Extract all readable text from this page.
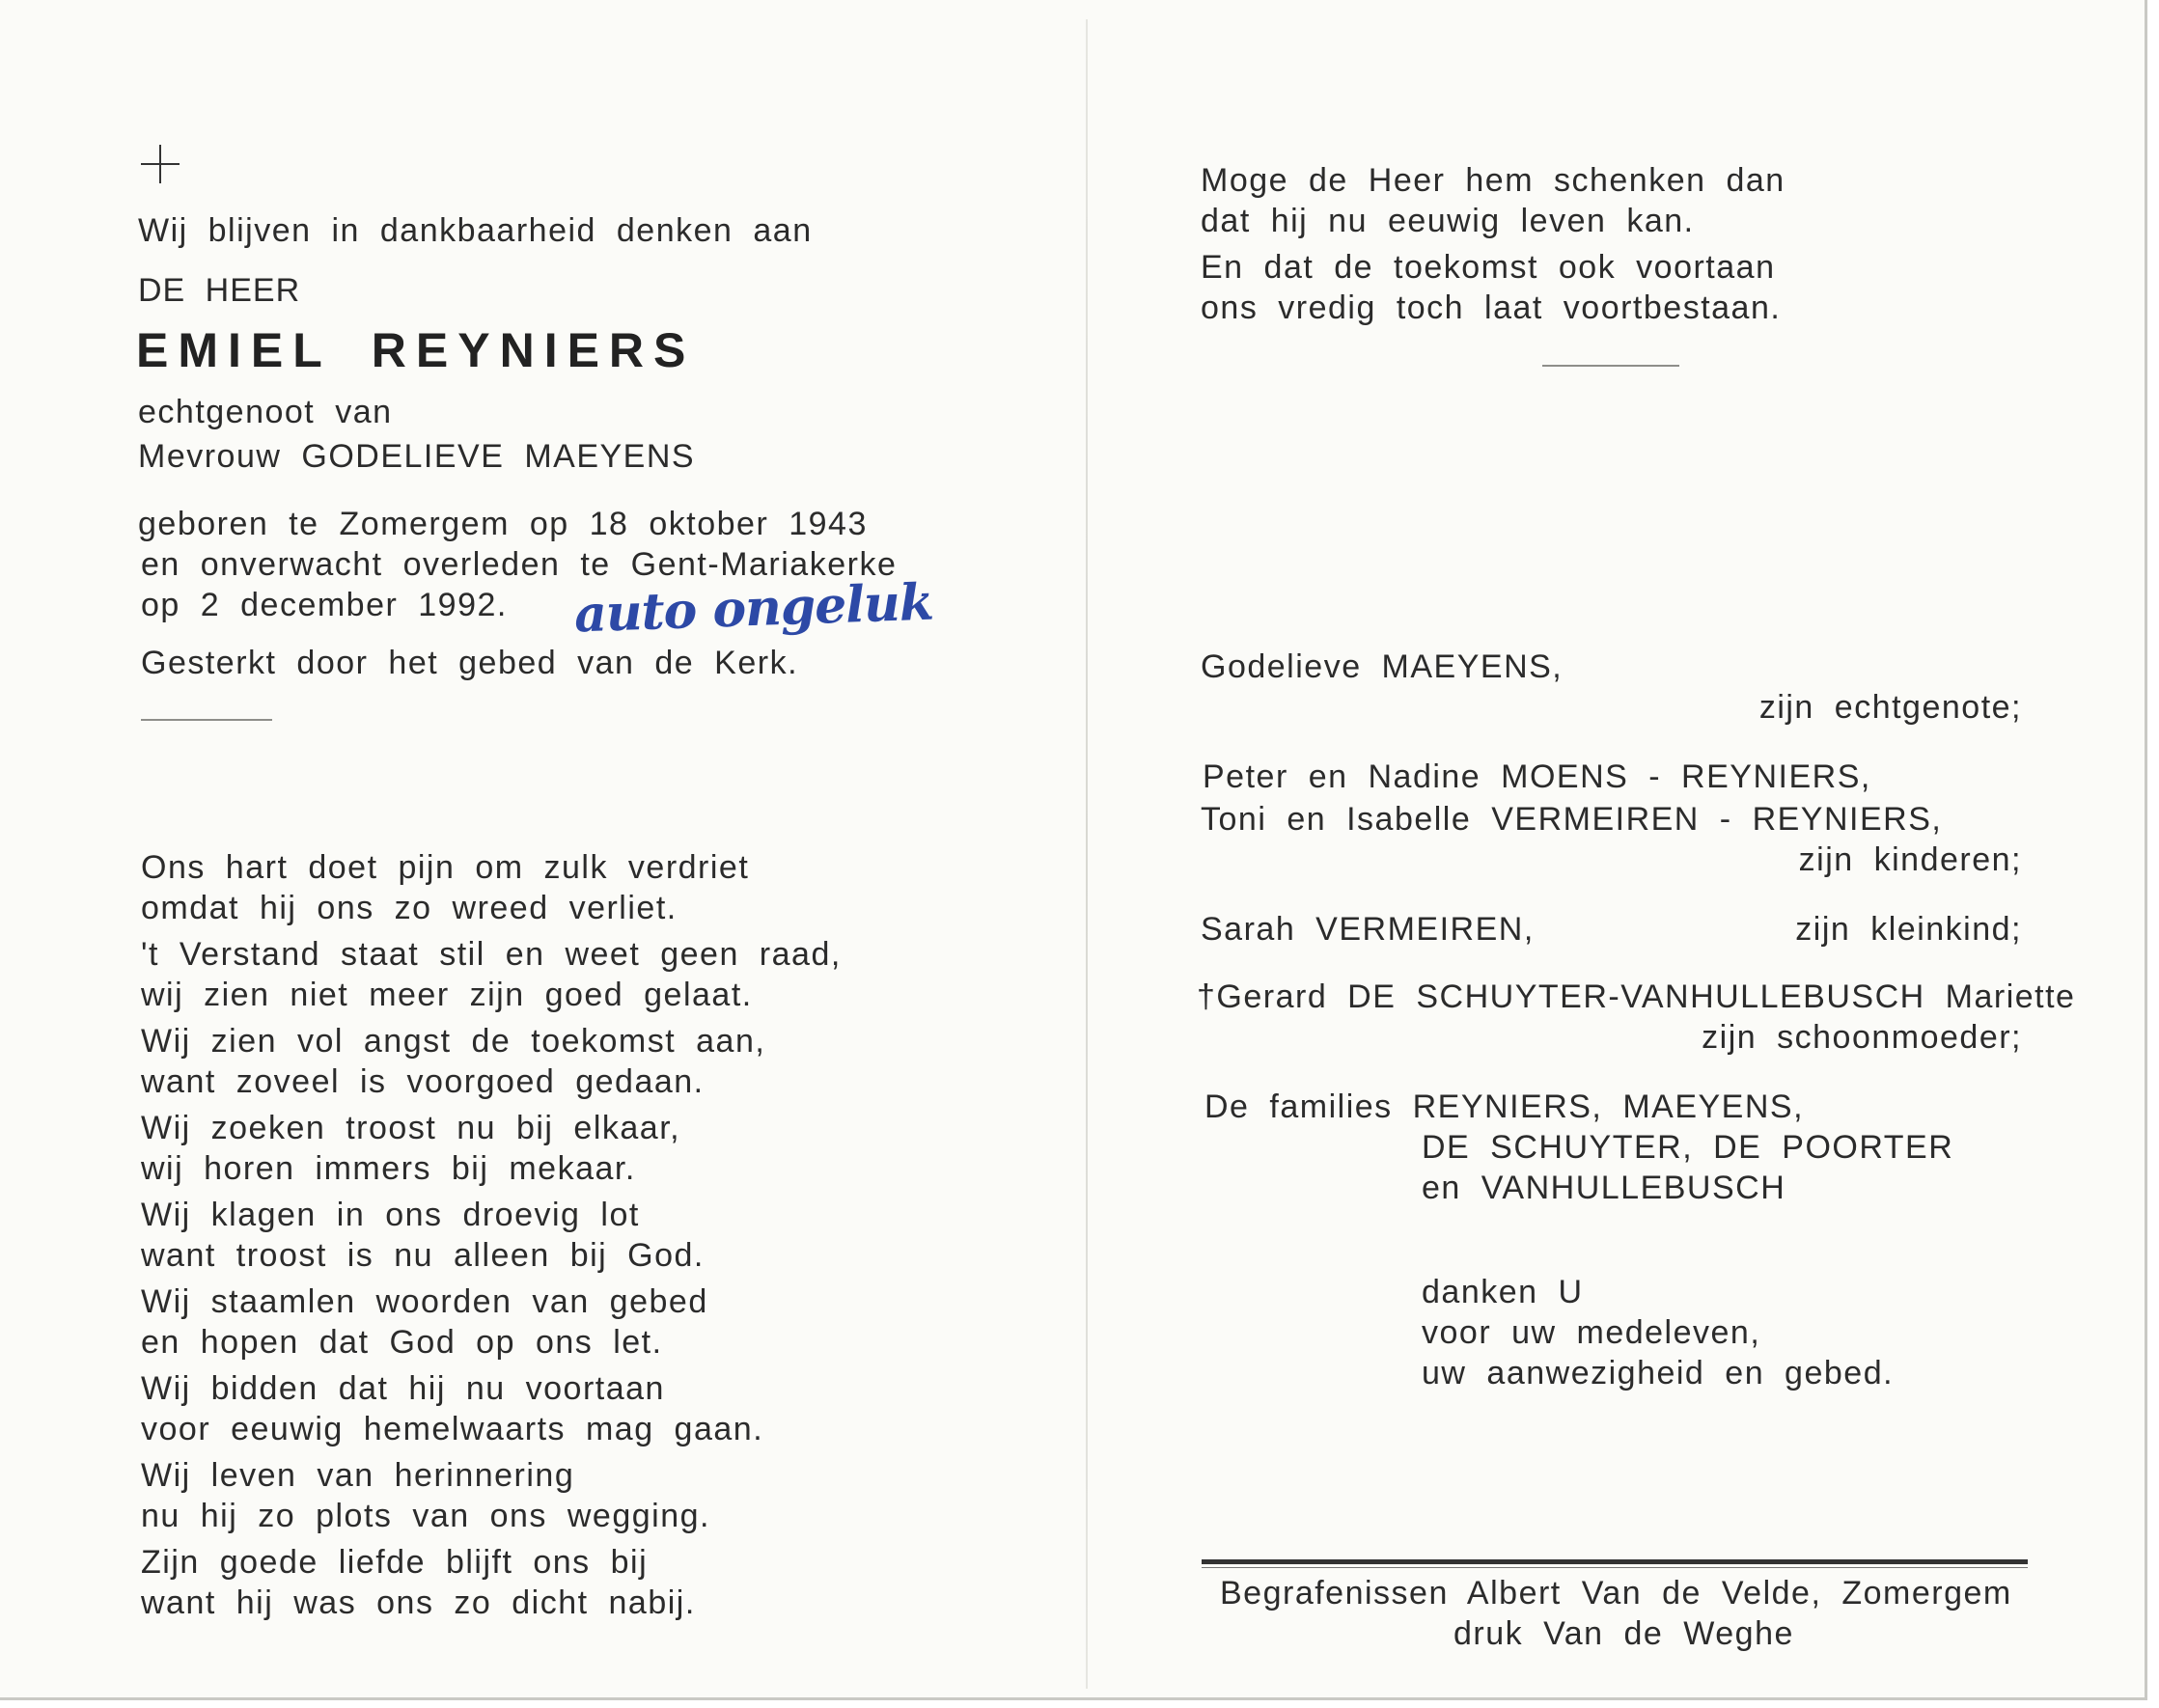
Wij blijven in dankbaarheid denken aan

DE HEER

EMIEL REYNIERS

echtgenoot van

Mevrouw GODELIEVE MAEYENS

geboren te Zomergem op 18 oktober 1943

en onverwacht overleden te Gent-Mariakerke

op 2 december 1992. auto ongeluk

Gesterkt door het gebed van de Kerk.

Ons hart doet pijn om zulk verdriet
omdat hij ons zo wreed verliet.
't Verstand staat stil en weet geen raad,
wij zien niet meer zijn goed gelaat.
Wij zien vol angst de toekomst aan,
want zoveel is voorgoed gedaan.
Wij zoeken troost nu bij elkaar,
wij horen immers bij mekaar.
Wij klagen in ons droevig lot
want troost is nu alleen bij God.
Wij staamlen woorden van gebed
en hopen dat God op ons let.
Wij bidden dat hij nu voortaan
voor eeuwig hemelwaarts mag gaan.
Wij leven van herinnering
nu hij zo plots van ons wegging.
Zijn goede liefde blijft ons bij
want hij was ons zo dicht nabij.

Moge de Heer hem schenken dan

dat hij nu eeuwig leven kan.

En dat de toekomst ook voortaan

ons vredig toch laat voortbestaan.

Godelieve MAEYENS,

zijn echtgenote;

Peter en Nadine MOENS - REYNIERS,

Toni en Isabelle VERMEIREN - REYNIERS,

zijn kinderen;

Sarah VERMEIREN,	zijn kleinkind;

†Gerard DE SCHUYTER-VANHULLEBUSCH Mariette

zijn schoonmoeder;

De families REYNIERS, MAEYENS,

DE SCHUYTER, DE POORTER

en VANHULLEBUSCH

danken U

voor uw medeleven,

uw aanwezigheid en gebed.

Begrafenissen Albert Van de Velde, Zomergem

druk Van de Weghe
